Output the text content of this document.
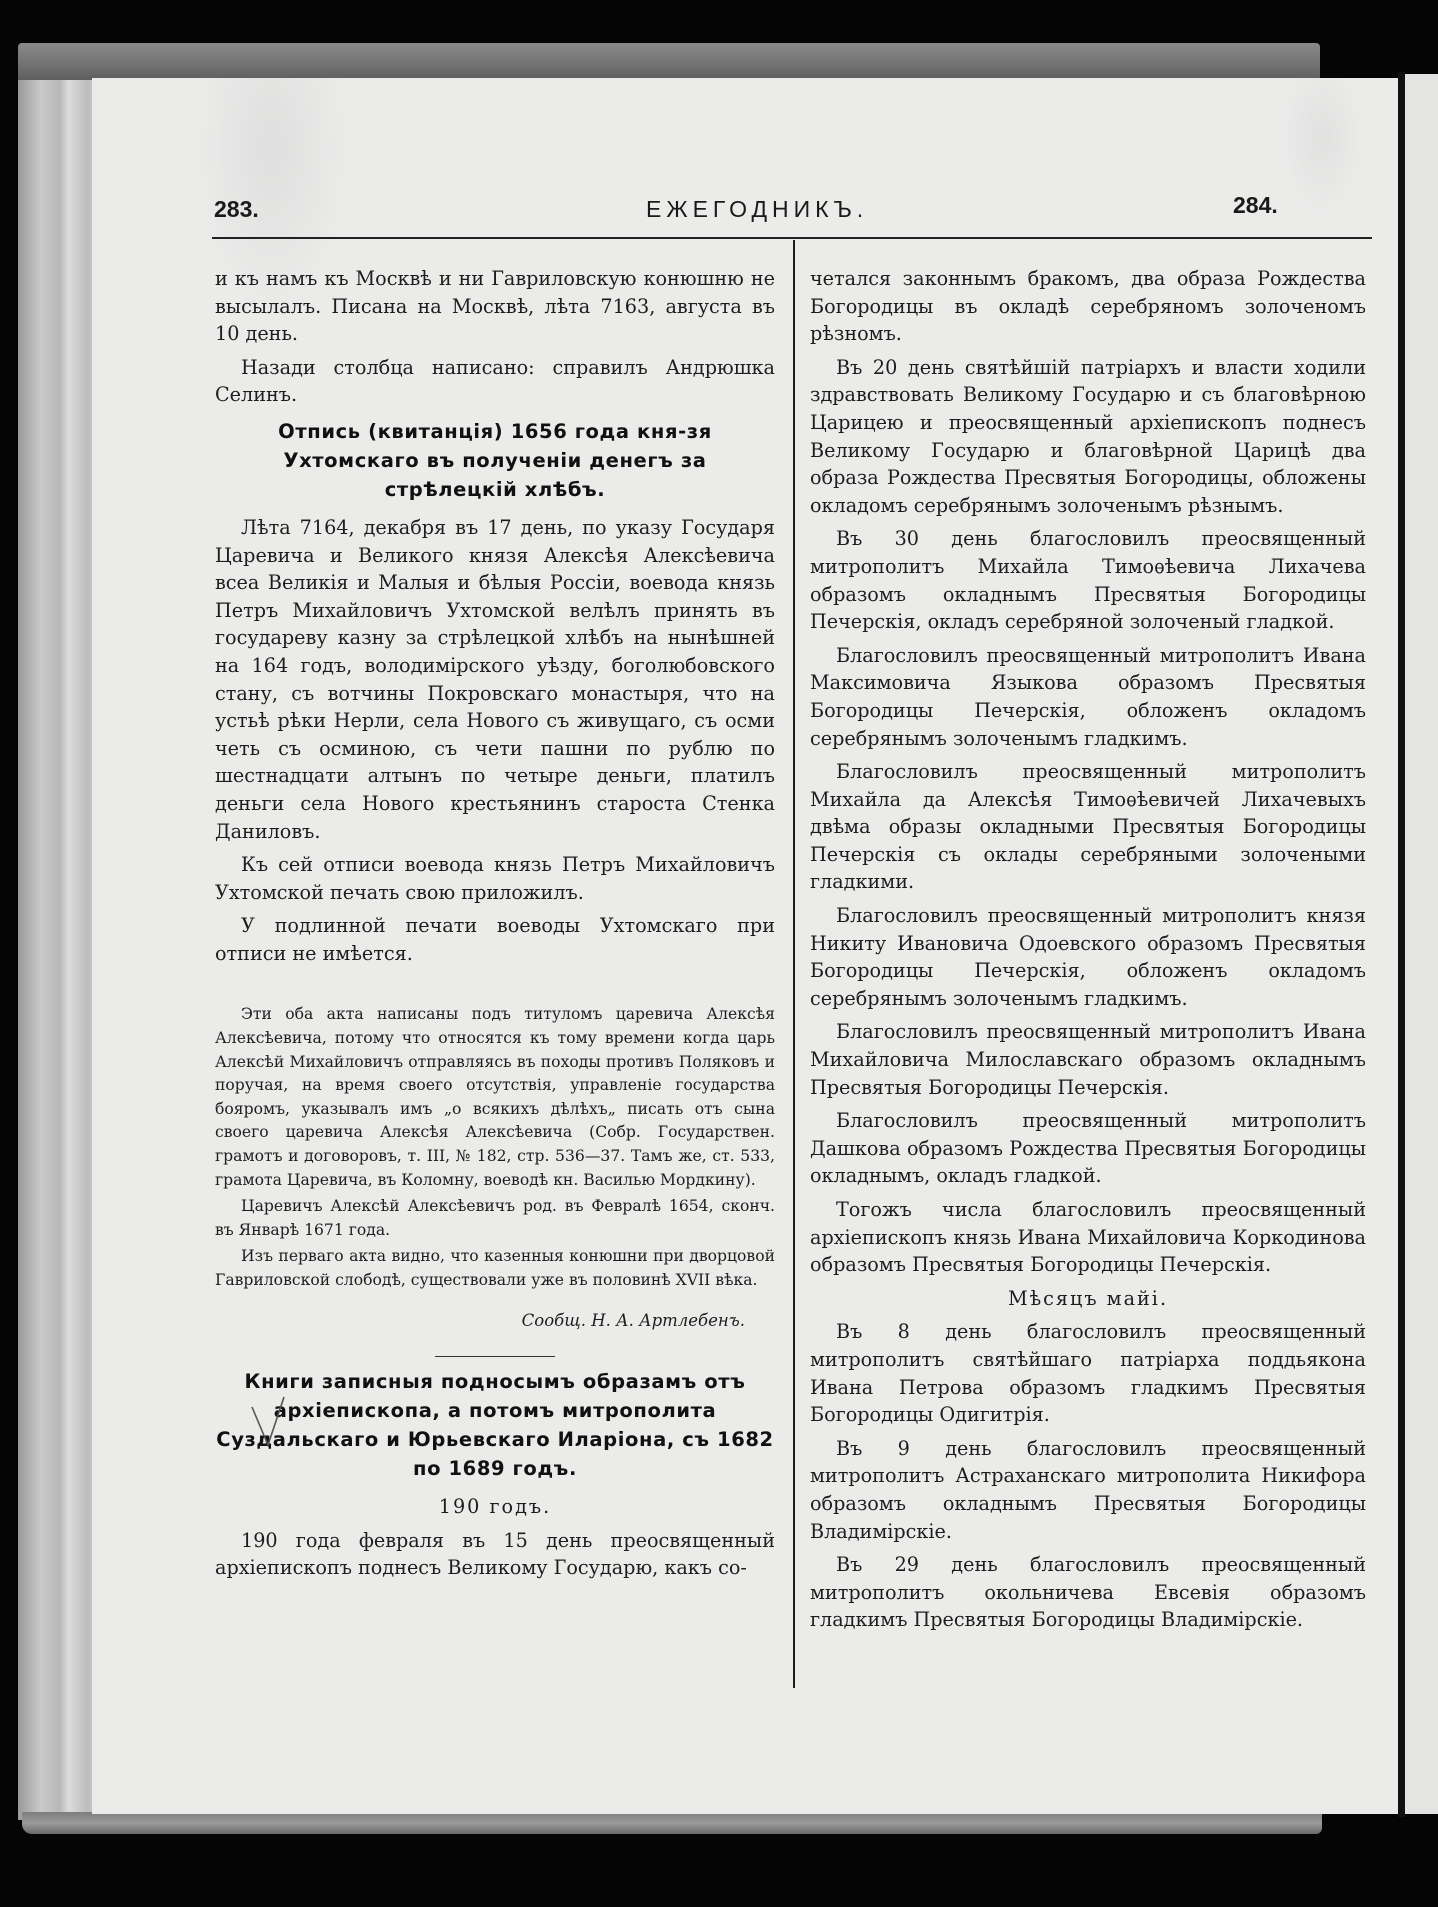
283.	ЕЖЕГОДНИКЪ.	284.

и къ намъ къ Москвѣ и ни Гавриловскую конюшню не высылалъ. Писана на Москвѣ, лѣта 7163, августа въ 10 день.

Назади столбца написано: справилъ Андрюшка Селинъ.

Отпись (квитанція) 1656 года кня-зя Ухтомскаго въ полученіи денегъ за стрѣлецкій хлѣбъ.

Лѣта 7164, декабря въ 17 день, по указу Государя Царевича и Великого князя Алексѣя Алексѣевича всеа Великія и Малыя и бѣлыя Россіи, воевода князь Петръ Михайловичъ Ухтомской велѣлъ принять въ государеву казну за стрѣлецкой хлѣбъ на нынѣшней на 164 годъ, володимірского уѣзду, боголюбовского стану, съ вотчины Покровскаго монастыря, что на устьѣ рѣки Нерли, села Нового съ живущаго, съ осми четь съ осминою, съ чети пашни по рублю по шестнадцати алтынъ по четыре деньги, платилъ деньги села Нового крестьянинъ староста Стенка Даниловъ.

Къ сей отписи воевода князь Петръ Михайловичъ Ухтомской печать свою приложилъ.

У подлинной печати воеводы Ухтомскаго при отписи не имѣется.

Эти оба акта написаны подъ титуломъ царевича Алексѣя Алексѣевича, потому что относятся къ тому времени когда царь Алексѣй Михайловичъ отправляясь въ походы противъ Поляковъ и поручая, на время своего отсутствія, управленіе государства бояромъ, указывалъ имъ „о всякихъ дѣлѣхъ„ писать отъ сына своего царевича Алексѣя Алексѣевича (Собр. Государствен. грамотъ и договоровъ, т. III, № 182, стр. 536—37. Тамъ же, ст. 533, грамота Царевича, въ Коломну, воеводѣ кн. Василью Мордкину).

Царевичъ Алексѣй Алексѣевичъ род. въ Февралѣ 1654, сконч. въ Январѣ 1671 года.

Изъ перваго акта видно, что казенныя конюшни при дворцовой Гавриловской слободѣ, существовали уже въ половинѣ XVII вѣка.

Сообщ. Н. А. Артлебенъ.

Книги записныя подносымъ образамъ отъ архіепископа, а потомъ митрополита Суздальскаго и Юрьевскаго Иларіона, съ 1682 по 1689 годъ.

190 годъ.

190 года февраля въ 15 день преосвященный архіепископъ поднесъ Великому Государю, какъ со-

четался законнымъ бракомъ, два образа Рождества Богородицы въ окладѣ серебряномъ золоченомъ рѣзномъ.

Въ 20 день святѣйшій патріархъ и власти ходили здравствовать Великому Государю и съ благовѣрною Царицею и преосвященный архіепископъ поднесъ Великому Государю и благовѣрной Царицѣ два образа Рождества Пресвятыя Богородицы, обложены окладомъ серебрянымъ золоченымъ рѣзнымъ.

Въ 30 день благословилъ преосвященный митрополитъ Михайла Тимоѳѣевича Лихачева образомъ окладнымъ Пресвятыя Богородицы Печерскія, окладъ серебряной золоченый гладкой.

Благословилъ преосвященный митрополитъ Ивана Максимовича Языкова образомъ Пресвятыя Богородицы Печерскія, обложенъ окладомъ серебрянымъ золоченымъ гладкимъ.

Благословилъ преосвященный митрополитъ Михайла да Алексѣя Тимоѳѣевичей Лихачевыхъ двѣма образы окладными Пресвятыя Богородицы Печерскія съ оклады серебряными золочеными гладкими.

Благословилъ преосвященный митрополитъ князя Никиту Ивановича Одоевского образомъ Пресвятыя Богородицы Печерскія, обложенъ окладомъ серебрянымъ золоченымъ гладкимъ.

Благословилъ преосвященный митрополитъ Ивана Михайловича Милославскаго образомъ окладнымъ Пресвятыя Богородицы Печерскія.

Благословилъ преосвященный митрополитъ Дашкова образомъ Рождества Пресвятыя Богородицы окладнымъ, окладъ гладкой.

Тогожъ числа благословилъ преосвященный архіепископъ князь Ивана Михайловича Коркодинова образомъ Пресвятыя Богородицы Печерскія.

Мѣсяцъ майі.

Въ 8 день благословилъ преосвященный митрополитъ святѣйшаго патріарха поддьякона Ивана Петрова образомъ гладкимъ Пресвятыя Богородицы Одигитрія.

Въ 9 день благословилъ преосвященный митрополитъ Астраханскаго митрополита Никифора образомъ окладнымъ Пресвятыя Богородицы Владимірскіе.

Въ 29 день благословилъ преосвященный митрополитъ окольничева Евсевія образомъ гладкимъ Пресвятыя Богородицы Владимірскіе.
